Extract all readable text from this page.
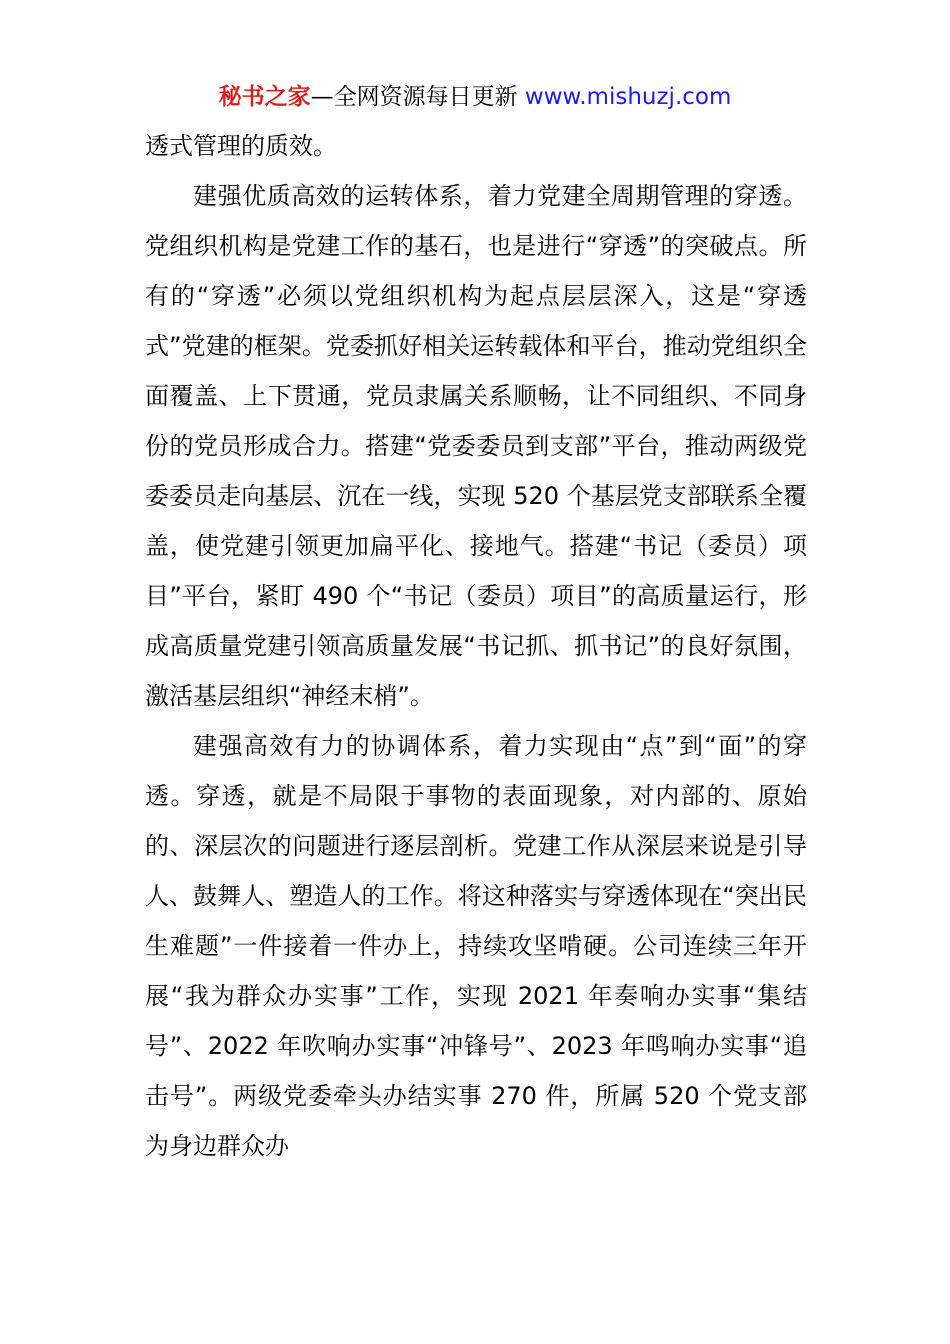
秘书之家—全网资源每日更新 www.mishuzj.com

透式管理的质效。

建强优质高效的运转体系，着力党建全周期管理的穿透。党组织机构是党建工作的基石，也是进行“穿透”的突破点。所有的“穿透”必须以党组织机构为起点层层深入，这是“穿透式”党建的框架。党委抓好相关运转载体和平台，推动党组织全面覆盖、上下贯通，党员隶属关系顺畅，让不同组织、不同身份的党员形成合力。搭建“党委委员到支部”平台，推动两级党委委员走向基层、沉在一线，实现 520 个基层党支部联系全覆盖，使党建引领更加扁平化、接地气。搭建“书记（委员）项目”平台，紧盯 490 个“书记（委员）项目”的高质量运行，形成高质量党建引领高质量发展“书记抓、抓书记”的良好氛围，激活基层组织“神经末梢”。

建强高效有力的协调体系，着力实现由“点”到“面”的穿透。穿透，就是不局限于事物的表面现象，对内部的、原始的、深层次的问题进行逐层剖析。党建工作从深层来说是引导人、鼓舞人、塑造人的工作。将这种落实与穿透体现在“突出民生难题”一件接着一件办上，持续攻坚啃硬。公司连续三年开展“我为群众办实事”工作，实现 2021 年奏响办实事“集结号”、2022 年吹响办实事“冲锋号”、2023 年鸣响办实事“追击号”。两级党委牵头办结实事 270 件，所属 520 个党支部为身边群众办
